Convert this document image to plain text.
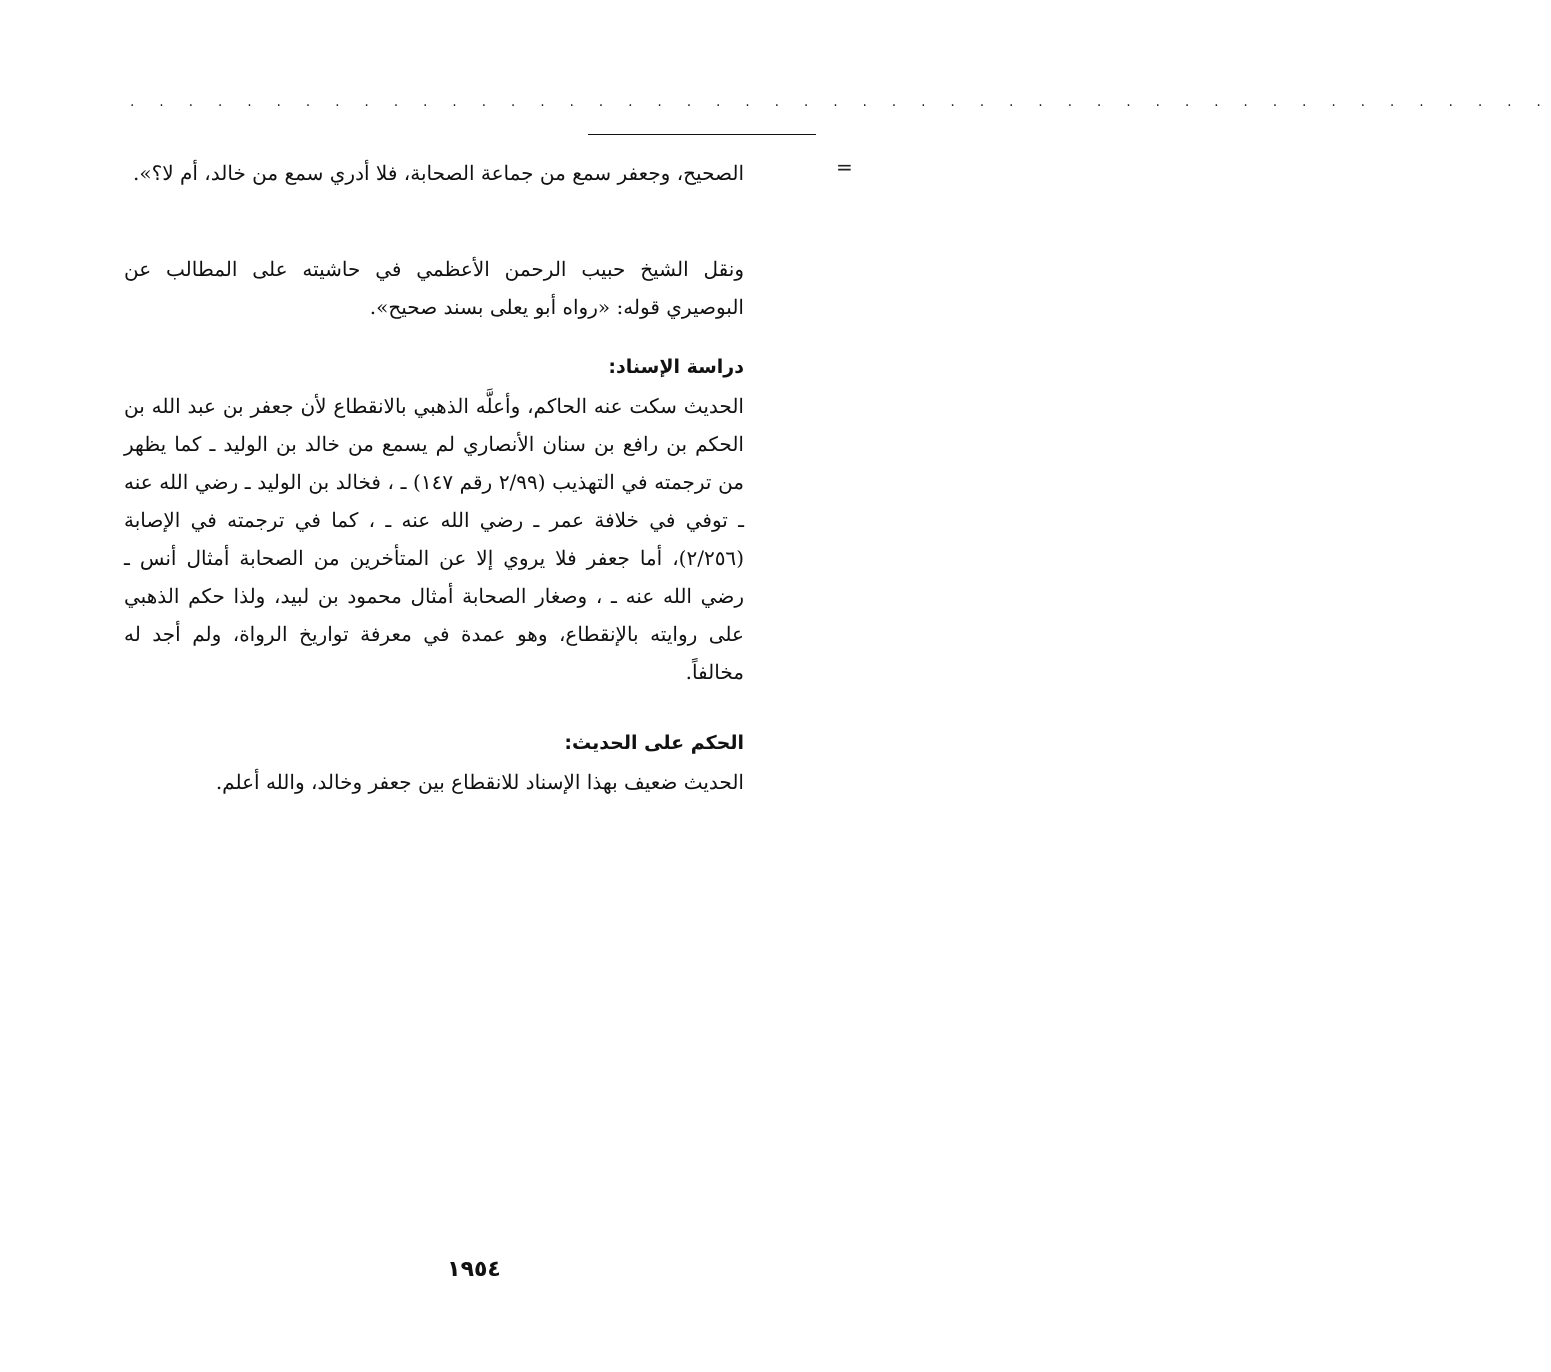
. . . . . . . . . . . . . . . . . . . . . . . . . . . . . . . . . . . . . . . . . . . . . . . . .
=

الصحيح، وجعفر سمع من جماعة الصحابة، فلا أدري سمع من خالد، أم لا؟».

ونقل الشيخ حبيب الرحمن الأعظمي في حاشيته على المطالب عن البوصيري قوله: «رواه أبو يعلى بسند صحيح».

دراسة الإسناد:

الحديث سكت عنه الحاكم، وأعلَّه الذهبي بالانقطاع لأن جعفر بن عبد الله بن الحكم بن رافع بن سنان الأنصاري لم يسمع من خالد بن الوليد ـ كما يظهر من ترجمته في التهذيب (٢/٩٩ رقم ١٤٧) ـ ، فخالد بن الوليد ـ رضي الله عنه ـ توفي في خلافة عمر ـ رضي الله عنه ـ ، كما في ترجمته في الإصابة (٢/٢٥٦)، أما جعفر فلا يروي إلا عن المتأخرين من الصحابة أمثال أنس ـ رضي الله عنه ـ ، وصغار الصحابة أمثال محمود بن لبيد، ولذا حكم الذهبي على روايته بالإنقطاع، وهو عمدة في معرفة تواريخ الرواة، ولم أجد له مخالفاً.

الحكم على الحديث:

الحديث ضعيف بهذا الإسناد للانقطاع بين جعفر وخالد، والله أعلم.

١٩٥٤
